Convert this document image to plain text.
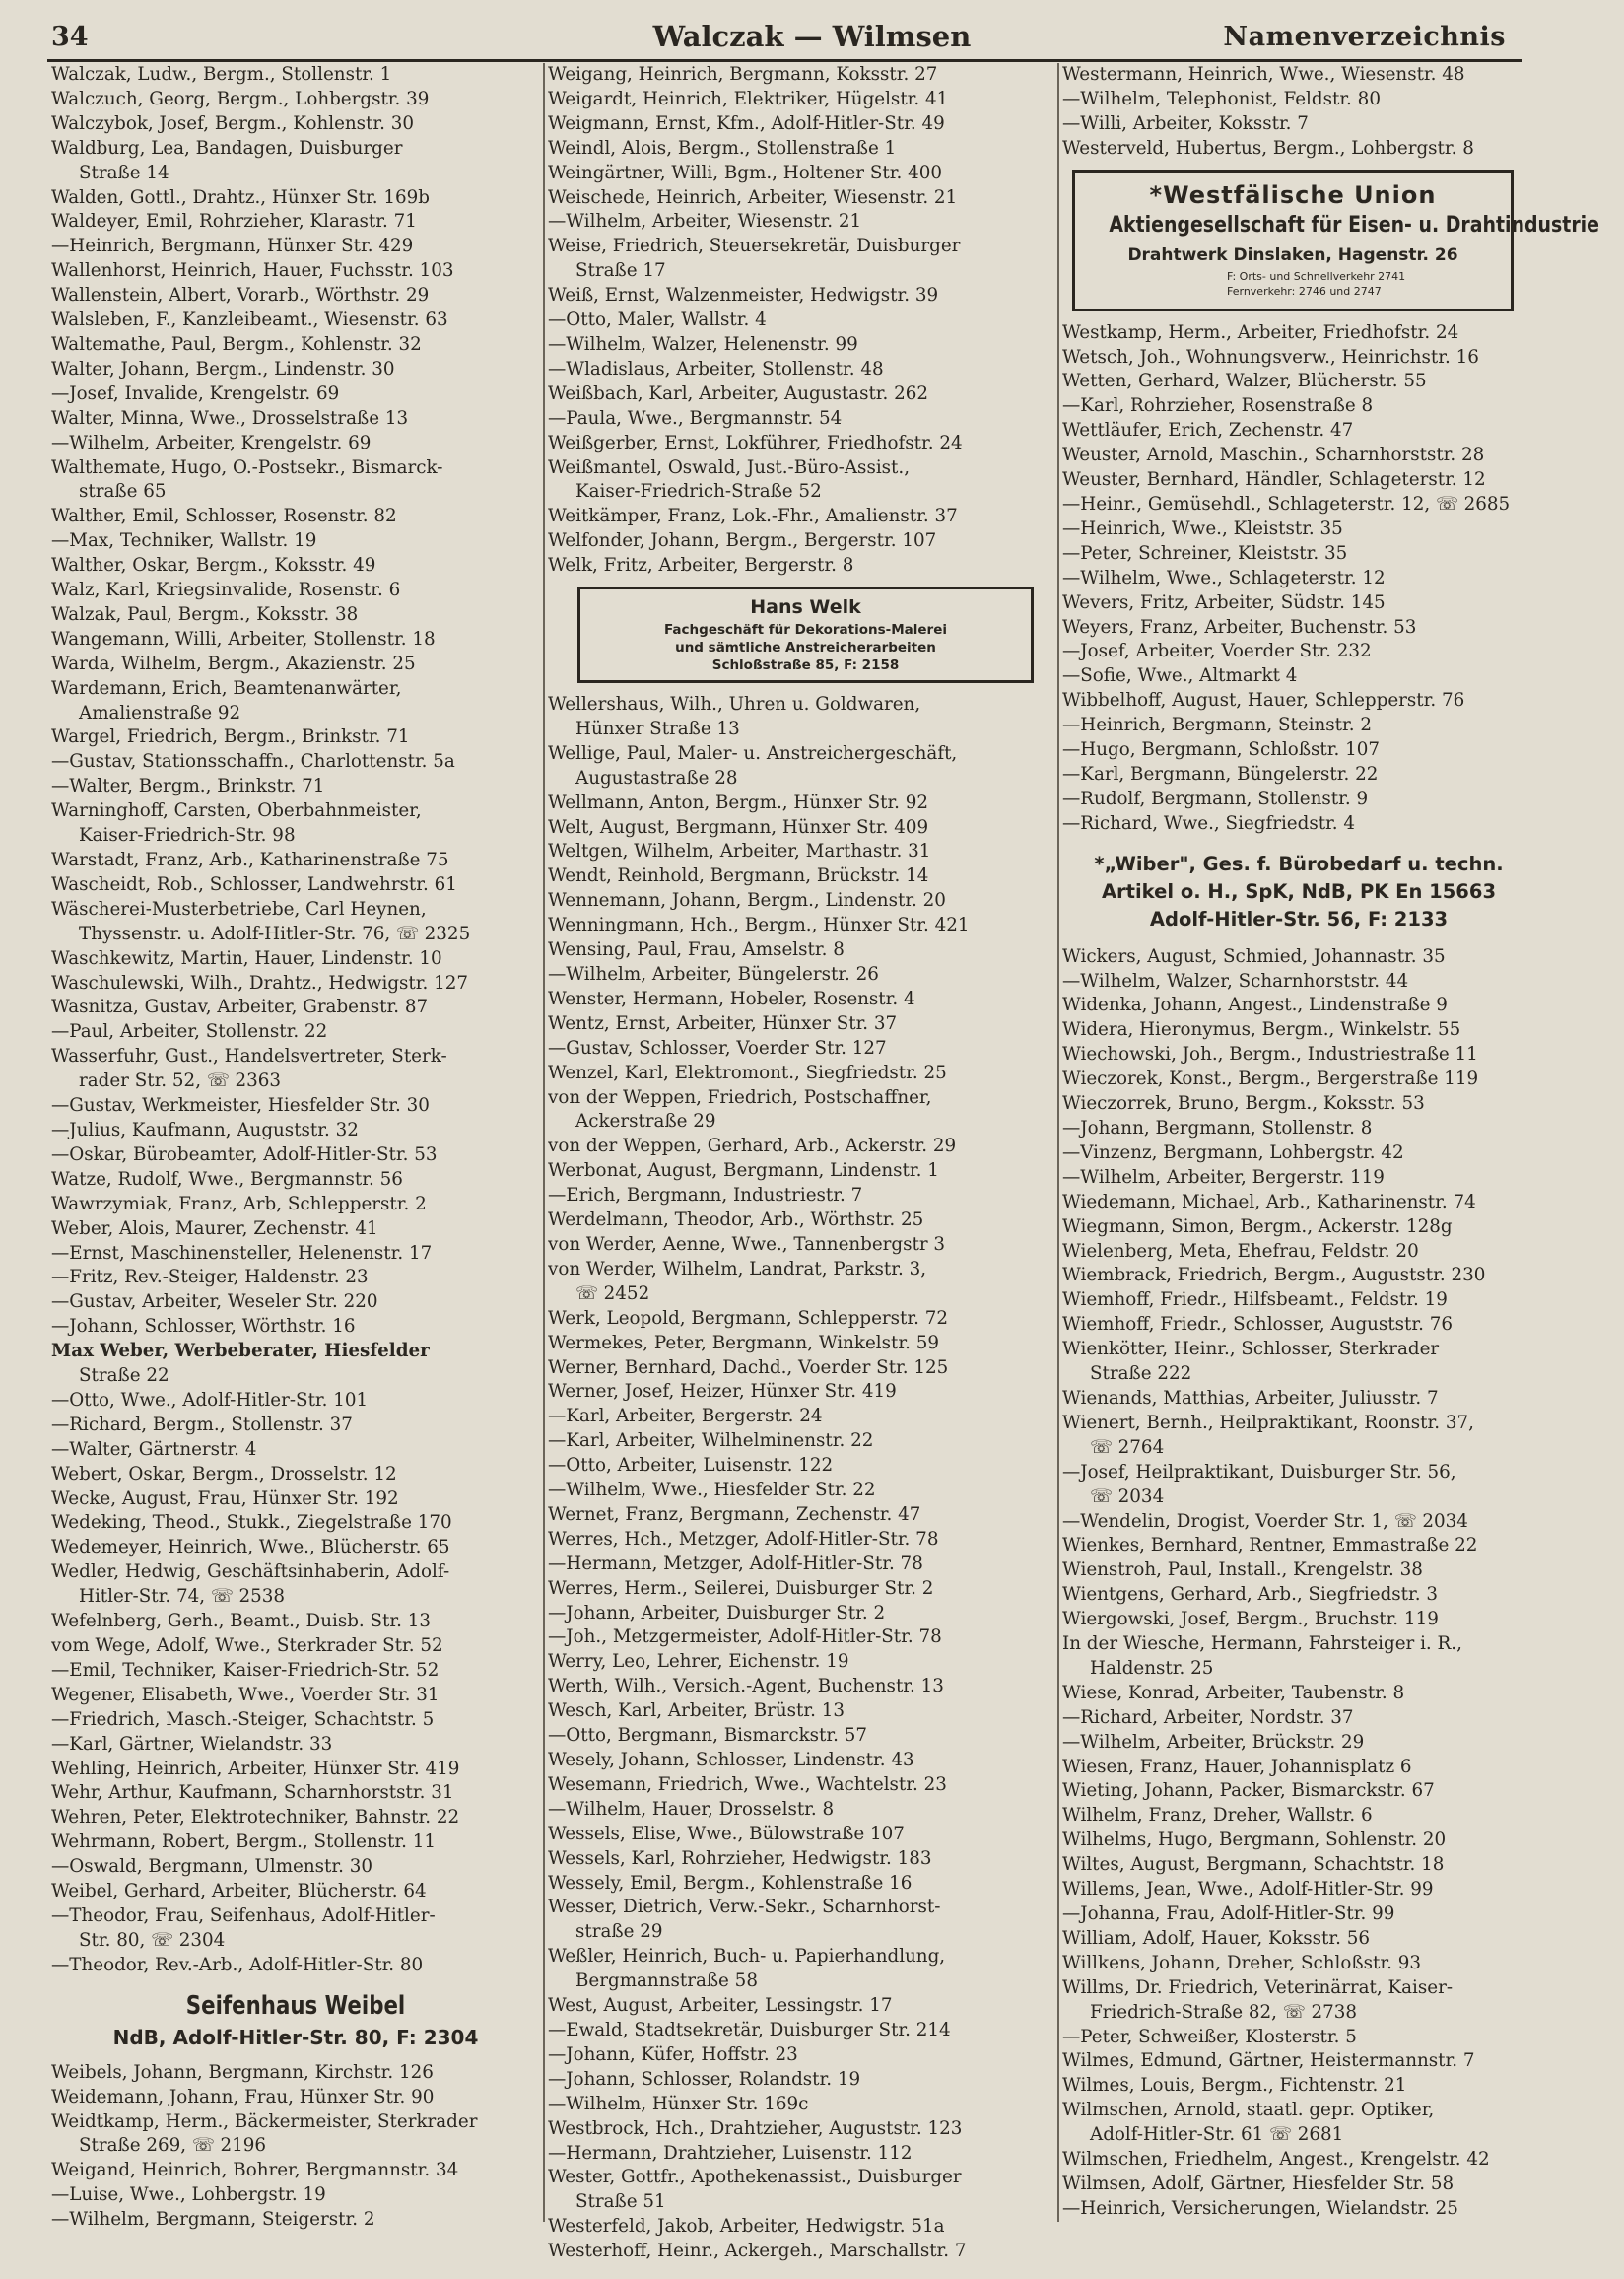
34	Walczak — Wilmsen	Namenverzeichnis
Walczak, Ludw., Bergm., Stollenstr. 1
Walczuch, Georg, Bergm., Lohbergstr. 39
Walczybok, Josef, Bergm., Kohlenstr. 30
Waldburg, Lea, Bandagen, Duisburger
Straße 14
Walden, Gottl., Drahtz., Hünxer Str. 169b
Waldeyer, Emil, Rohrzieher, Klarastr. 71
—Heinrich, Bergmann, Hünxer Str. 429
Wallenhorst, Heinrich, Hauer, Fuchsstr. 103
Wallenstein, Albert, Vorarb., Wörthstr. 29
Walsleben, F., Kanzleibeamt., Wiesenstr. 63
Waltemathe, Paul, Bergm., Kohlenstr. 32
Walter, Johann, Bergm., Lindenstr. 30
—Josef, Invalide, Krengelstr. 69
Walter, Minna, Wwe., Drosselstraße 13
—Wilhelm, Arbeiter, Krengelstr. 69
Walthemate, Hugo, O.-Postsekr., Bismarck-
straße 65
Walther, Emil, Schlosser, Rosenstr. 82
—Max, Techniker, Wallstr. 19
Walther, Oskar, Bergm., Koksstr. 49
Walz, Karl, Kriegsinvalide, Rosenstr. 6
Walzak, Paul, Bergm., Koksstr. 38
Wangemann, Willi, Arbeiter, Stollenstr. 18
Warda, Wilhelm, Bergm., Akazienstr. 25
Wardemann, Erich, Beamtenanwärter,
Amalienstraße 92
Wargel, Friedrich, Bergm., Brinkstr. 71
—Gustav, Stationsschaffn., Charlottenstr. 5a
—Walter, Bergm., Brinkstr. 71
Warninghoff, Carsten, Oberbahnmeister,
Kaiser-Friedrich-Str. 98
Warstadt, Franz, Arb., Katharinenstraße 75
Wascheidt, Rob., Schlosser, Landwehrstr. 61
Wäscherei-Musterbetriebe, Carl Heynen,
Thyssenstr. u. Adolf-Hitler-Str. 76, ☏ 2325
Waschkewitz, Martin, Hauer, Lindenstr. 10
Waschulewski, Wilh., Drahtz., Hedwigstr. 127
Wasnitza, Gustav, Arbeiter, Grabenstr. 87
—Paul, Arbeiter, Stollenstr. 22
Wasserfuhr, Gust., Handelsvertreter, Sterk-
rader Str. 52, ☏ 2363
—Gustav, Werkmeister, Hiesfelder Str. 30
—Julius, Kaufmann, Auguststr. 32
—Oskar, Bürobeamter, Adolf-Hitler-Str. 53
Watze, Rudolf, Wwe., Bergmannstr. 56
Wawrzymiak, Franz, Arb, Schlepperstr. 2
Weber, Alois, Maurer, Zechenstr. 41
—Ernst, Maschinensteller, Helenenstr. 17
—Fritz, Rev.-Steiger, Haldenstr. 23
—Gustav, Arbeiter, Weseler Str. 220
—Johann, Schlosser, Wörthstr. 16
Max Weber, Werbeberater, Hiesfelder
Straße 22
—Otto, Wwe., Adolf-Hitler-Str. 101
—Richard, Bergm., Stollenstr. 37
—Walter, Gärtnerstr. 4
Webert, Oskar, Bergm., Drosselstr. 12
Wecke, August, Frau, Hünxer Str. 192
Wedeking, Theod., Stukk., Ziegelstraße 170
Wedemeyer, Heinrich, Wwe., Blücherstr. 65
Wedler, Hedwig, Geschäftsinhaberin, Adolf-
Hitler-Str. 74, ☏ 2538
Wefelnberg, Gerh., Beamt., Duisb. Str. 13
vom Wege, Adolf, Wwe., Sterkrader Str. 52
—Emil, Techniker, Kaiser-Friedrich-Str. 52
Wegener, Elisabeth, Wwe., Voerder Str. 31
—Friedrich, Masch.-Steiger, Schachtstr. 5
—Karl, Gärtner, Wielandstr. 33
Wehling, Heinrich, Arbeiter, Hünxer Str. 419
Wehr, Arthur, Kaufmann, Scharnhorststr. 31
Wehren, Peter, Elektrotechniker, Bahnstr. 22
Wehrmann, Robert, Bergm., Stollenstr. 11
—Oswald, Bergmann, Ulmenstr. 30
Weibel, Gerhard, Arbeiter, Blücherstr. 64
—Theodor, Frau, Seifenhaus, Adolf-Hitler-
Str. 80, ☏ 2304
—Theodor, Rev.-Arb., Adolf-Hitler-Str. 80
Seifenhaus Weibel
NdB, Adolf-Hitler-Str. 80, F: 2304
Weibels, Johann, Bergmann, Kirchstr. 126
Weidemann, Johann, Frau, Hünxer Str. 90
Weidtkamp, Herm., Bäckermeister, Sterkrader
Straße 269, ☏ 2196
Weigand, Heinrich, Bohrer, Bergmannstr. 34
—Luise, Wwe., Lohbergstr. 19
—Wilhelm, Bergmann, Steigerstr. 2
Weigang, Heinrich, Bergmann, Koksstr. 27
Weigardt, Heinrich, Elektriker, Hügelstr. 41
Weigmann, Ernst, Kfm., Adolf-Hitler-Str. 49
Weindl, Alois, Bergm., Stollenstraße 1
Weingärtner, Willi, Bgm., Holtener Str. 400
Weischede, Heinrich, Arbeiter, Wiesenstr. 21
—Wilhelm, Arbeiter, Wiesenstr. 21
Weise, Friedrich, Steuersekretär, Duisburger
Straße 17
Weiß, Ernst, Walzenmeister, Hedwigstr. 39
—Otto, Maler, Wallstr. 4
—Wilhelm, Walzer, Helenenstr. 99
—Wladislaus, Arbeiter, Stollenstr. 48
Weißbach, Karl, Arbeiter, Augustastr. 262
—Paula, Wwe., Bergmannstr. 54
Weißgerber, Ernst, Lokführer, Friedhofstr. 24
Weißmantel, Oswald, Just.-Büro-Assist.,
Kaiser-Friedrich-Straße 52
Weitkämper, Franz, Lok.-Fhr., Amalienstr. 37
Welfonder, Johann, Bergm., Bergerstr. 107
Welk, Fritz, Arbeiter, Bergerstr. 8
Hans Welk
Fachgeschäft für Dekorations-Malerei
und sämtliche Anstreicherarbeiten
Schloßstraße 85, F: 2158
Wellershaus, Wilh., Uhren u. Goldwaren,
Hünxer Straße 13
Wellige, Paul, Maler- u. Anstreichergeschäft,
Augustastraße 28
Wellmann, Anton, Bergm., Hünxer Str. 92
Welt, August, Bergmann, Hünxer Str. 409
Weltgen, Wilhelm, Arbeiter, Marthastr. 31
Wendt, Reinhold, Bergmann, Brückstr. 14
Wennemann, Johann, Bergm., Lindenstr. 20
Wenningmann, Hch., Bergm., Hünxer Str. 421
Wensing, Paul, Frau, Amselstr. 8
—Wilhelm, Arbeiter, Büngelerstr. 26
Wenster, Hermann, Hobeler, Rosenstr. 4
Wentz, Ernst, Arbeiter, Hünxer Str. 37
—Gustav, Schlosser, Voerder Str. 127
Wenzel, Karl, Elektromont., Siegfriedstr. 25
von der Weppen, Friedrich, Postschaffner,
Ackerstraße 29
von der Weppen, Gerhard, Arb., Ackerstr. 29
Werbonat, August, Bergmann, Lindenstr. 1
—Erich, Bergmann, Industriestr. 7
Werdelmann, Theodor, Arb., Wörthstr. 25
von Werder, Aenne, Wwe., Tannenbergstr 3
von Werder, Wilhelm, Landrat, Parkstr. 3,
☏ 2452
Werk, Leopold, Bergmann, Schlepperstr. 72
Wermekes, Peter, Bergmann, Winkelstr. 59
Werner, Bernhard, Dachd., Voerder Str. 125
Werner, Josef, Heizer, Hünxer Str. 419
—Karl, Arbeiter, Bergerstr. 24
—Karl, Arbeiter, Wilhelminenstr. 22
—Otto, Arbeiter, Luisenstr. 122
—Wilhelm, Wwe., Hiesfelder Str. 22
Wernet, Franz, Bergmann, Zechenstr. 47
Werres, Hch., Metzger, Adolf-Hitler-Str. 78
—Hermann, Metzger, Adolf-Hitler-Str. 78
Werres, Herm., Seilerei, Duisburger Str. 2
—Johann, Arbeiter, Duisburger Str. 2
—Joh., Metzgermeister, Adolf-Hitler-Str. 78
Werry, Leo, Lehrer, Eichenstr. 19
Werth, Wilh., Versich.-Agent, Buchenstr. 13
Wesch, Karl, Arbeiter, Brüstr. 13
—Otto, Bergmann, Bismarckstr. 57
Wesely, Johann, Schlosser, Lindenstr. 43
Wesemann, Friedrich, Wwe., Wachtelstr. 23
—Wilhelm, Hauer, Drosselstr. 8
Wessels, Elise, Wwe., Bülowstraße 107
Wessels, Karl, Rohrzieher, Hedwigstr. 183
Wessely, Emil, Bergm., Kohlenstraße 16
Wesser, Dietrich, Verw.-Sekr., Scharnhorst-
straße 29
Weßler, Heinrich, Buch- u. Papierhandlung,
Bergmannstraße 58
West, August, Arbeiter, Lessingstr. 17
—Ewald, Stadtsekretär, Duisburger Str. 214
—Johann, Küfer, Hoffstr. 23
—Johann, Schlosser, Rolandstr. 19
—Wilhelm, Hünxer Str. 169c
Westbrock, Hch., Drahtzieher, Auguststr. 123
—Hermann, Drahtzieher, Luisenstr. 112
Wester, Gottfr., Apothekenassist., Duisburger
Straße 51
Westerfeld, Jakob, Arbeiter, Hedwigstr. 51a
Westerhoff, Heinr., Ackergeh., Marschallstr. 7
Westermann, Heinrich, Wwe., Wiesenstr. 48
—Wilhelm, Telephonist, Feldstr. 80
—Willi, Arbeiter, Koksstr. 7
Westerveld, Hubertus, Bergm., Lohbergstr. 8
*Westfälische Union
Aktiengesellschaft für Eisen- u. Drahtindustrie
Drahtwerk Dinslaken, Hagenstr. 26
F: Orts- und Schnellverkehr 2741
Fernverkehr: 2746 und 2747
Westkamp, Herm., Arbeiter, Friedhofstr. 24
Wetsch, Joh., Wohnungsverw., Heinrichstr. 16
Wetten, Gerhard, Walzer, Blücherstr. 55
—Karl, Rohrzieher, Rosenstraße 8
Wettläufer, Erich, Zechenstr. 47
Weuster, Arnold, Maschin., Scharnhorststr. 28
Weuster, Bernhard, Händler, Schlageterstr. 12
—Heinr., Gemüsehdl., Schlageterstr. 12, ☏ 2685
—Heinrich, Wwe., Kleiststr. 35
—Peter, Schreiner, Kleiststr. 35
—Wilhelm, Wwe., Schlageterstr. 12
Wevers, Fritz, Arbeiter, Südstr. 145
Weyers, Franz, Arbeiter, Buchenstr. 53
—Josef, Arbeiter, Voerder Str. 232
—Sofie, Wwe., Altmarkt 4
Wibbelhoff, August, Hauer, Schlepperstr. 76
—Heinrich, Bergmann, Steinstr. 2
—Hugo, Bergmann, Schloßstr. 107
—Karl, Bergmann, Büngelerstr. 22
—Rudolf, Bergmann, Stollenstr. 9
—Richard, Wwe., Siegfriedstr. 4
*„Wiber", Ges. f. Bürobedarf u. techn.
Artikel o. H., SpK, NdB, PK En 15663
Adolf-Hitler-Str. 56, F: 2133
Wickers, August, Schmied, Johannastr. 35
—Wilhelm, Walzer, Scharnhorststr. 44
Widenka, Johann, Angest., Lindenstraße 9
Widera, Hieronymus, Bergm., Winkelstr. 55
Wiechowski, Joh., Bergm., Industriestraße 11
Wieczorek, Konst., Bergm., Bergerstraße 119
Wieczorrek, Bruno, Bergm., Koksstr. 53
—Johann, Bergmann, Stollenstr. 8
—Vinzenz, Bergmann, Lohbergstr. 42
—Wilhelm, Arbeiter, Bergerstr. 119
Wiedemann, Michael, Arb., Katharinenstr. 74
Wiegmann, Simon, Bergm., Ackerstr. 128g
Wielenberg, Meta, Ehefrau, Feldstr. 20
Wiembrack, Friedrich, Bergm., Auguststr. 230
Wiemhoff, Friedr., Hilfsbeamt., Feldstr. 19
Wiemhoff, Friedr., Schlosser, Auguststr. 76
Wienkötter, Heinr., Schlosser, Sterkrader
Straße 222
Wienands, Matthias, Arbeiter, Juliusstr. 7
Wienert, Bernh., Heilpraktikant, Roonstr. 37,
☏ 2764
—Josef, Heilpraktikant, Duisburger Str. 56,
☏ 2034
—Wendelin, Drogist, Voerder Str. 1, ☏ 2034
Wienkes, Bernhard, Rentner, Emmastraße 22
Wienstroh, Paul, Install., Krengelstr. 38
Wientgens, Gerhard, Arb., Siegfriedstr. 3
Wiergowski, Josef, Bergm., Bruchstr. 119
In der Wiesche, Hermann, Fahrsteiger i. R.,
Haldenstr. 25
Wiese, Konrad, Arbeiter, Taubenstr. 8
—Richard, Arbeiter, Nordstr. 37
—Wilhelm, Arbeiter, Brückstr. 29
Wiesen, Franz, Hauer, Johannisplatz 6
Wieting, Johann, Packer, Bismarckstr. 67
Wilhelm, Franz, Dreher, Wallstr. 6
Wilhelms, Hugo, Bergmann, Sohlenstr. 20
Wiltes, August, Bergmann, Schachtstr. 18
Willems, Jean, Wwe., Adolf-Hitler-Str. 99
—Johanna, Frau, Adolf-Hitler-Str. 99
William, Adolf, Hauer, Koksstr. 56
Willkens, Johann, Dreher, Schloßstr. 93
Willms, Dr. Friedrich, Veterinärrat, Kaiser-
Friedrich-Straße 82, ☏ 2738
—Peter, Schweißer, Klosterstr. 5
Wilmes, Edmund, Gärtner, Heistermannstr. 7
Wilmes, Louis, Bergm., Fichtenstr. 21
Wilmschen, Arnold, staatl. gepr. Optiker,
Adolf-Hitler-Str. 61 ☏ 2681
Wilmschen, Friedhelm, Angest., Krengelstr. 42
Wilmsen, Adolf, Gärtner, Hiesfelder Str. 58
—Heinrich, Versicherungen, Wielandstr. 25
